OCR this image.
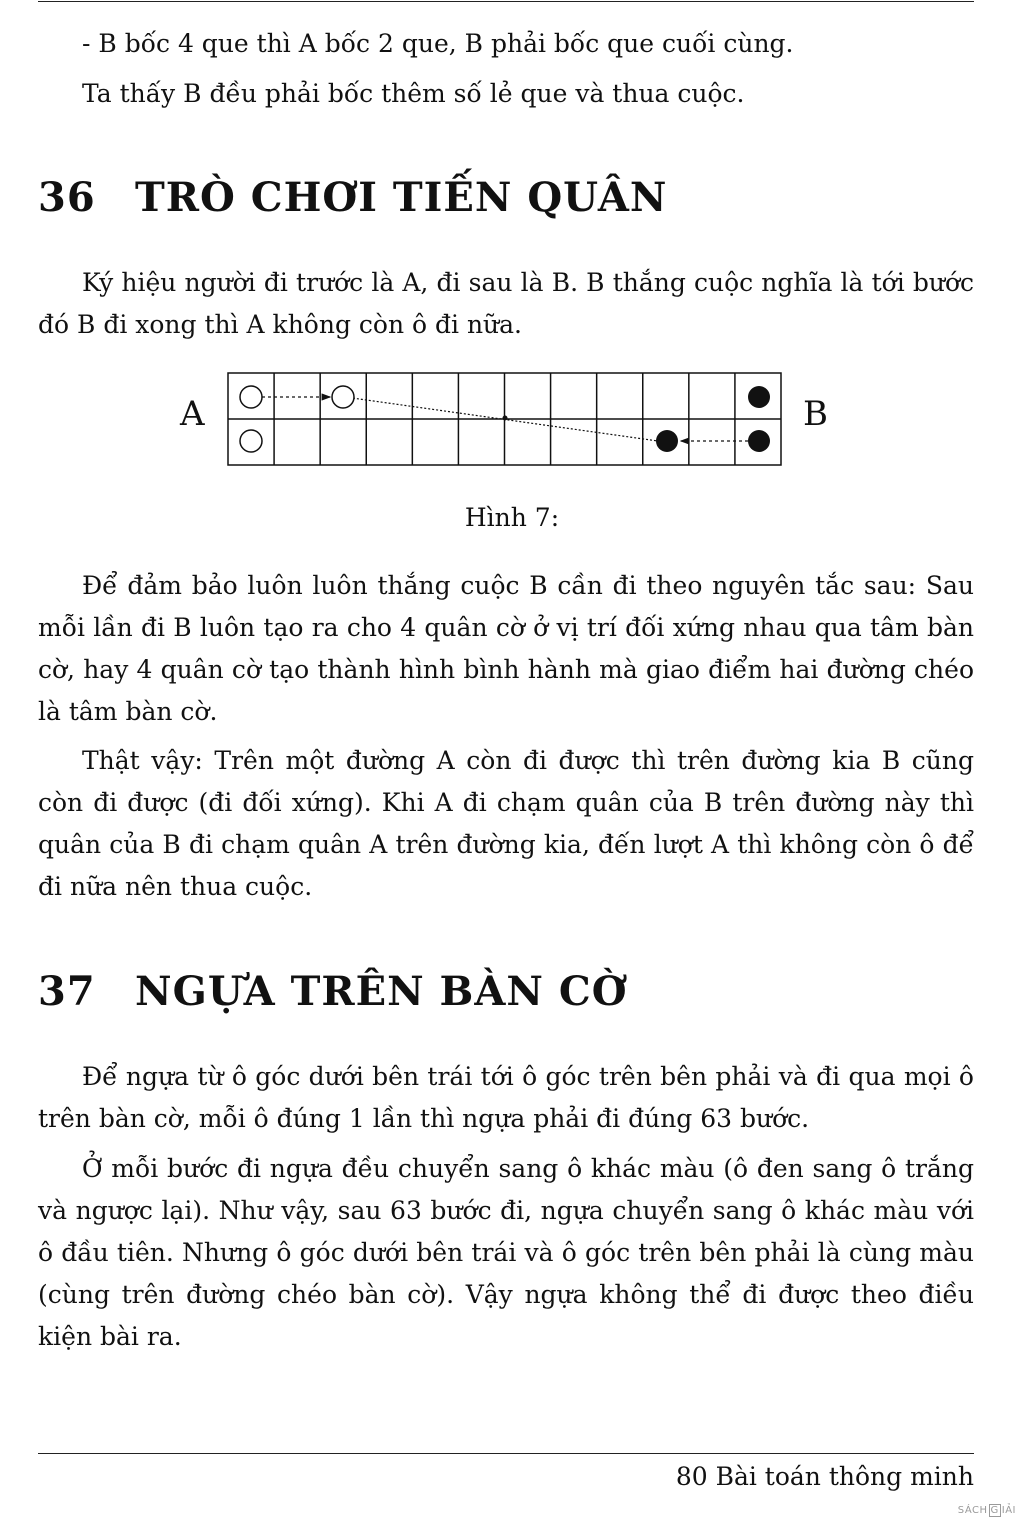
- B bốc 4 que thì A bốc 2 que, B phải bốc que cuối cùng.

Ta thấy B đều phải bốc thêm số lẻ que và thua cuộc.

36 TRÒ CHƠI TIẾN QUÂN

Ký hiệu người đi trước là A, đi sau là B. B thắng cuộc nghĩa là tới bước đó B đi xong thì A không còn ô đi nữa.

A	B
Hình 7:

Để đảm bảo luôn luôn thắng cuộc B cần đi theo nguyên tắc sau: Sau mỗi lần đi B luôn tạo ra cho 4 quân cờ ở vị trí đối xứng nhau qua tâm bàn cờ, hay 4 quân cờ tạo thành hình bình hành mà giao điểm hai đường chéo là tâm bàn cờ.

Thật vậy: Trên một đường A còn đi được thì trên đường kia B cũng còn đi được (đi đối xứng). Khi A đi chạm quân của B trên đường này thì quân của B đi chạm quân A trên đường kia, đến lượt A thì không còn ô để đi nữa nên thua cuộc.

37 NGỰA TRÊN BÀN CỜ

Để ngựa từ ô góc dưới bên trái tới ô góc trên bên phải và đi qua mọi ô trên bàn cờ, mỗi ô đúng 1 lần thì ngựa phải đi đúng 63 bước.

Ở mỗi bước đi ngựa đều chuyển sang ô khác màu (ô đen sang ô trắng và ngược lại). Như vậy, sau 63 bước đi, ngựa chuyển sang ô khác màu với ô đầu tiên. Nhưng ô góc dưới bên trái và ô góc trên bên phải là cùng màu (cùng trên đường chéo bàn cờ). Vậy ngựa không thể đi được theo điều kiện bài ra.

80 Bài toán thông minh
SÁCH G IẢI
